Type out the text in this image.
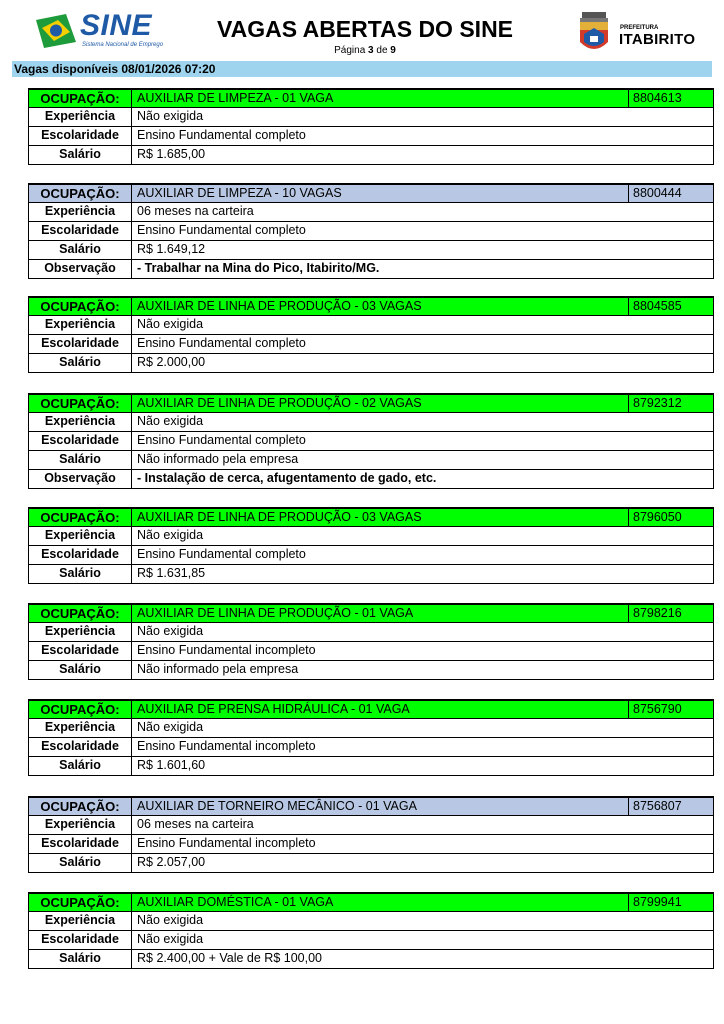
SINE
Sistema Nacional de Emprego
VAGAS ABERTAS DO SINE
Página 3 de 9
PREFEITURA
ITABIRITO
Vagas disponíveis 08/01/2026 07:20
OCUPAÇÃO:	AUXILIAR DE LIMPEZA - 01 VAGA	8804613
Experiência	Não exigida
Escolaridade	Ensino Fundamental completo
Salário	R$ 1.685,00
OCUPAÇÃO:	AUXILIAR DE LIMPEZA - 10 VAGAS	8800444
Experiência	06 meses na carteira
Escolaridade	Ensino Fundamental completo
Salário	R$ 1.649,12
Observação	- Trabalhar na Mina do Pico, Itabirito/MG.
OCUPAÇÃO:	AUXILIAR DE LINHA DE PRODUÇÃO - 03 VAGAS	8804585
Experiência	Não exigida
Escolaridade	Ensino Fundamental completo
Salário	R$ 2.000,00
OCUPAÇÃO:	AUXILIAR DE LINHA DE PRODUÇÃO - 02 VAGAS	8792312
Experiência	Não exigida
Escolaridade	Ensino Fundamental completo
Salário	Não informado pela empresa
Observação	- Instalação de cerca, afugentamento de gado, etc.
OCUPAÇÃO:	AUXILIAR DE LINHA DE PRODUÇÃO - 03 VAGAS	8796050
Experiência	Não exigida
Escolaridade	Ensino Fundamental completo
Salário	R$ 1.631,85
OCUPAÇÃO:	AUXILIAR DE LINHA DE PRODUÇÃO - 01 VAGA	8798216
Experiência	Não exigida
Escolaridade	Ensino Fundamental incompleto
Salário	Não informado pela empresa
OCUPAÇÃO:	AUXILIAR DE PRENSA HIDRÁULICA - 01 VAGA	8756790
Experiência	Não exigida
Escolaridade	Ensino Fundamental incompleto
Salário	R$ 1.601,60
OCUPAÇÃO:	AUXILIAR DE TORNEIRO MECÂNICO - 01 VAGA	8756807
Experiência	06 meses na carteira
Escolaridade	Ensino Fundamental incompleto
Salário	R$ 2.057,00
OCUPAÇÃO:	AUXILIAR DOMÉSTICA - 01 VAGA	8799941
Experiência	Não exigida
Escolaridade	Não exigida
Salário	R$ 2.400,00 + Vale de R$ 100,00
